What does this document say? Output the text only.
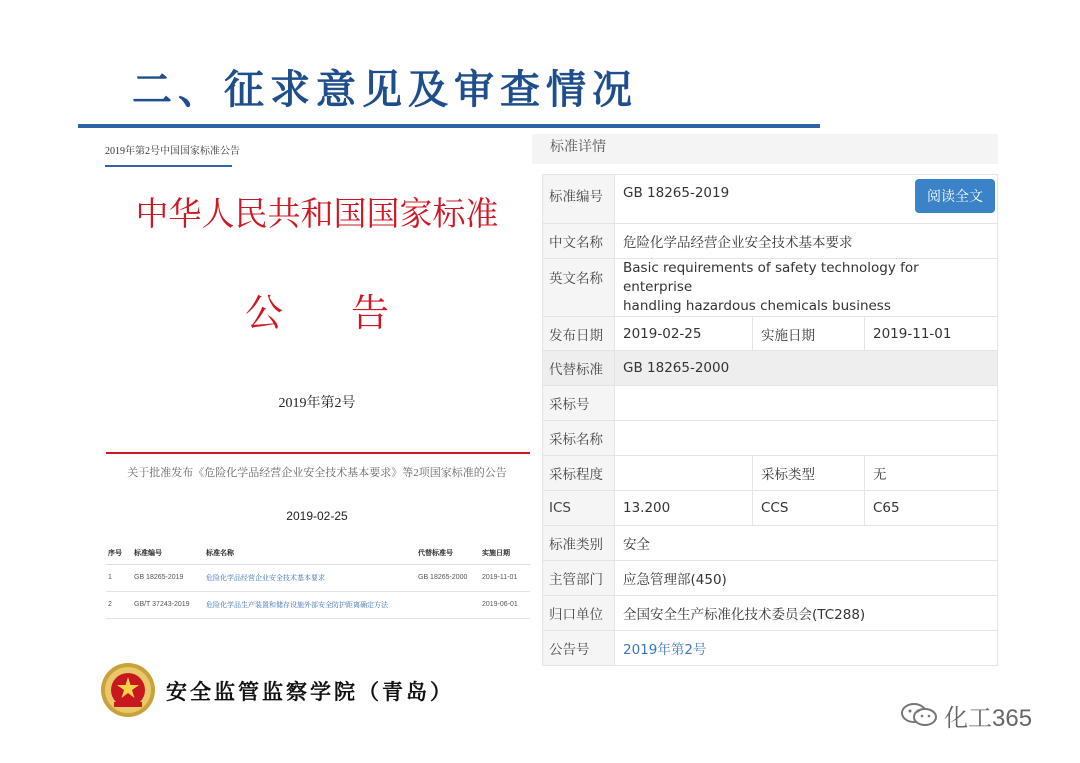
二、征求意见及审查情况
2019年第2号中国国家标准公告
中华人民共和国国家标准
公 告
2019年第2号
关于批准发布《危险化学品经营企业安全技术基本要求》等2项国家标准的公告
2019-02-25
序号	标准编号	标准名称	代替标准号	实施日期
1	GB 18265-2019	危险化学品经营企业安全技术基本要求	GB 18265-2000	2019-11-01
2	GB/T 37243-2019	危险化学品生产装置和储存设施外部安全防护距离确定方法		2019-06-01
标准详情
标准编号	GB 18265-2019 阅读全文		

中文名称	危险化学品经营企业安全技术基本要求		
英文名称	Basic requirements of safety technology for enterprise
handling hazardous chemicals business		

发布日期	2019-02-25	实施日期	2019-11-01
代替标准	GB 18265-2000		
采标号			
采标名称			
采标程度		采标类型	无
ICS	13.200	CCS	C65
标准类别	安全		
主管部门	应急管理部(450)		
归口单位	全国安全生产标准化技术委员会(TC288)		
公告号	2019年第2号		
安全监管监察学院（青岛）
化工365
